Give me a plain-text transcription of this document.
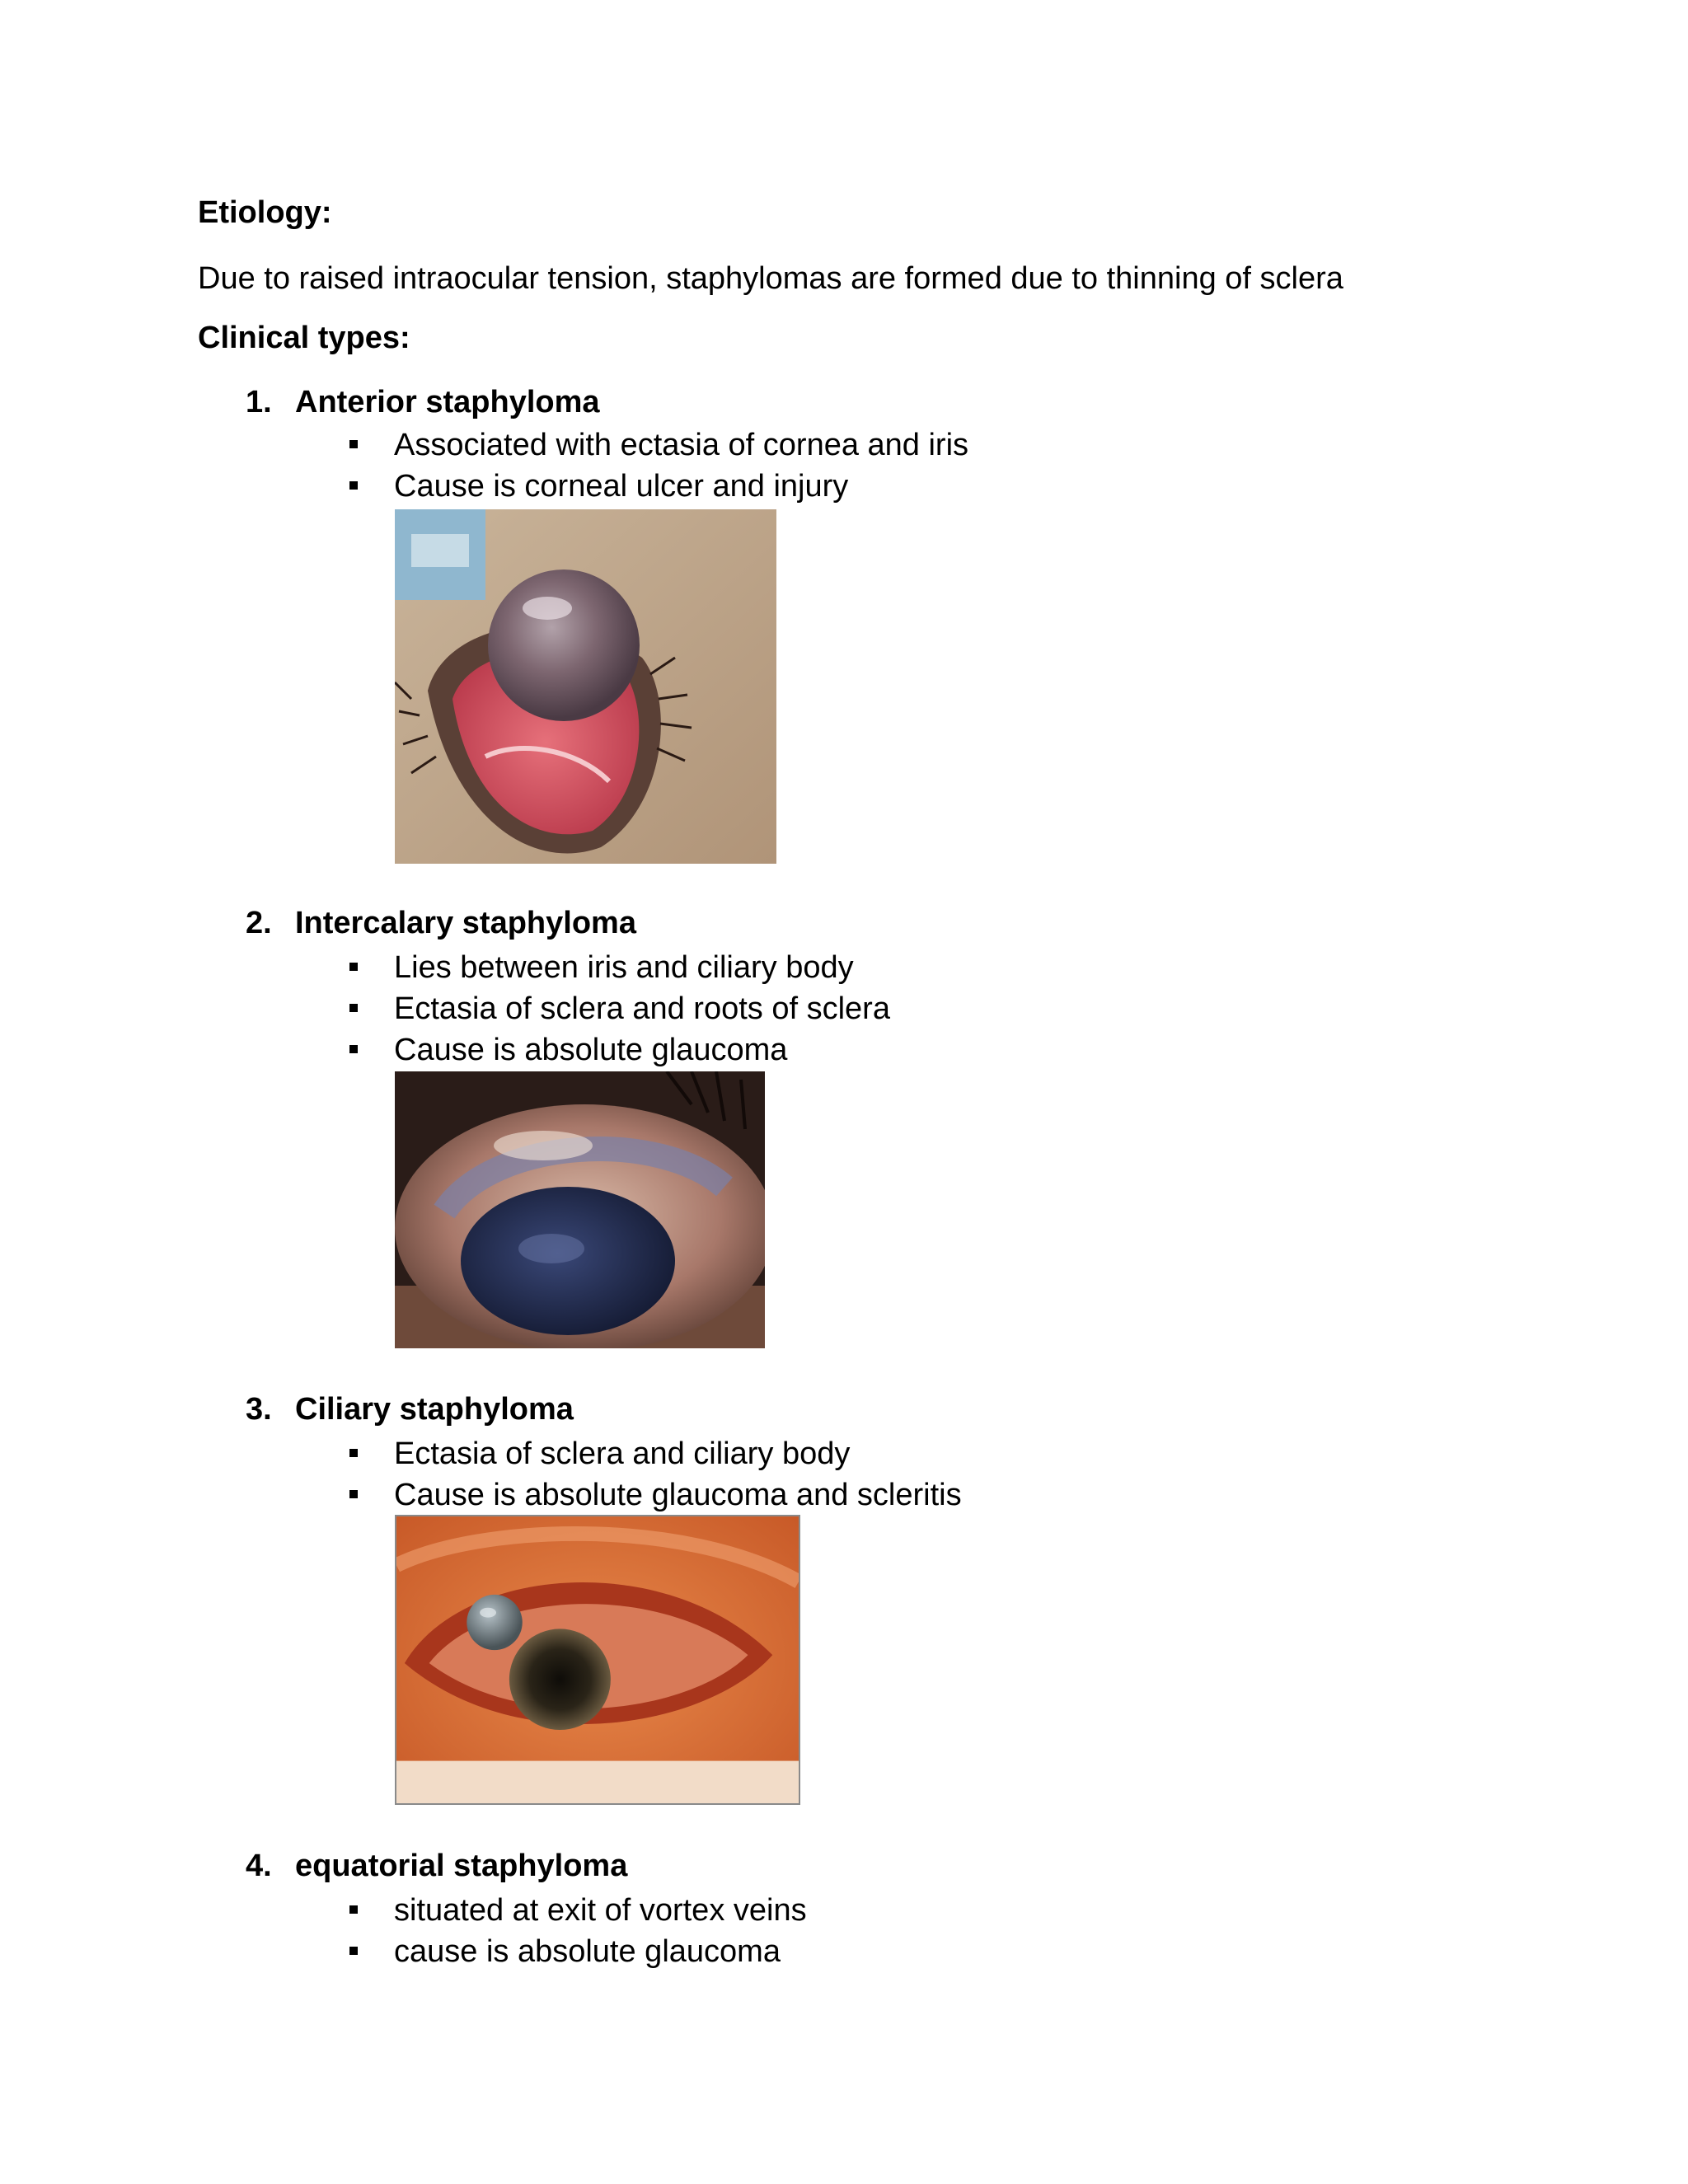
Etiology:
Due to raised intraocular tension, staphylomas are formed due to thinning of sclera
Clinical types:
1. Anterior staphyloma
Associated with ectasia of cornea and iris
Cause is corneal ulcer and injury
2. Intercalary staphyloma
Lies between iris and ciliary body
Ectasia of sclera and roots of sclera
Cause is absolute glaucoma
3. Ciliary staphyloma
Ectasia of sclera and ciliary body
Cause is absolute glaucoma and scleritis
4. equatorial staphyloma
situated at exit of vortex veins
cause is absolute glaucoma
